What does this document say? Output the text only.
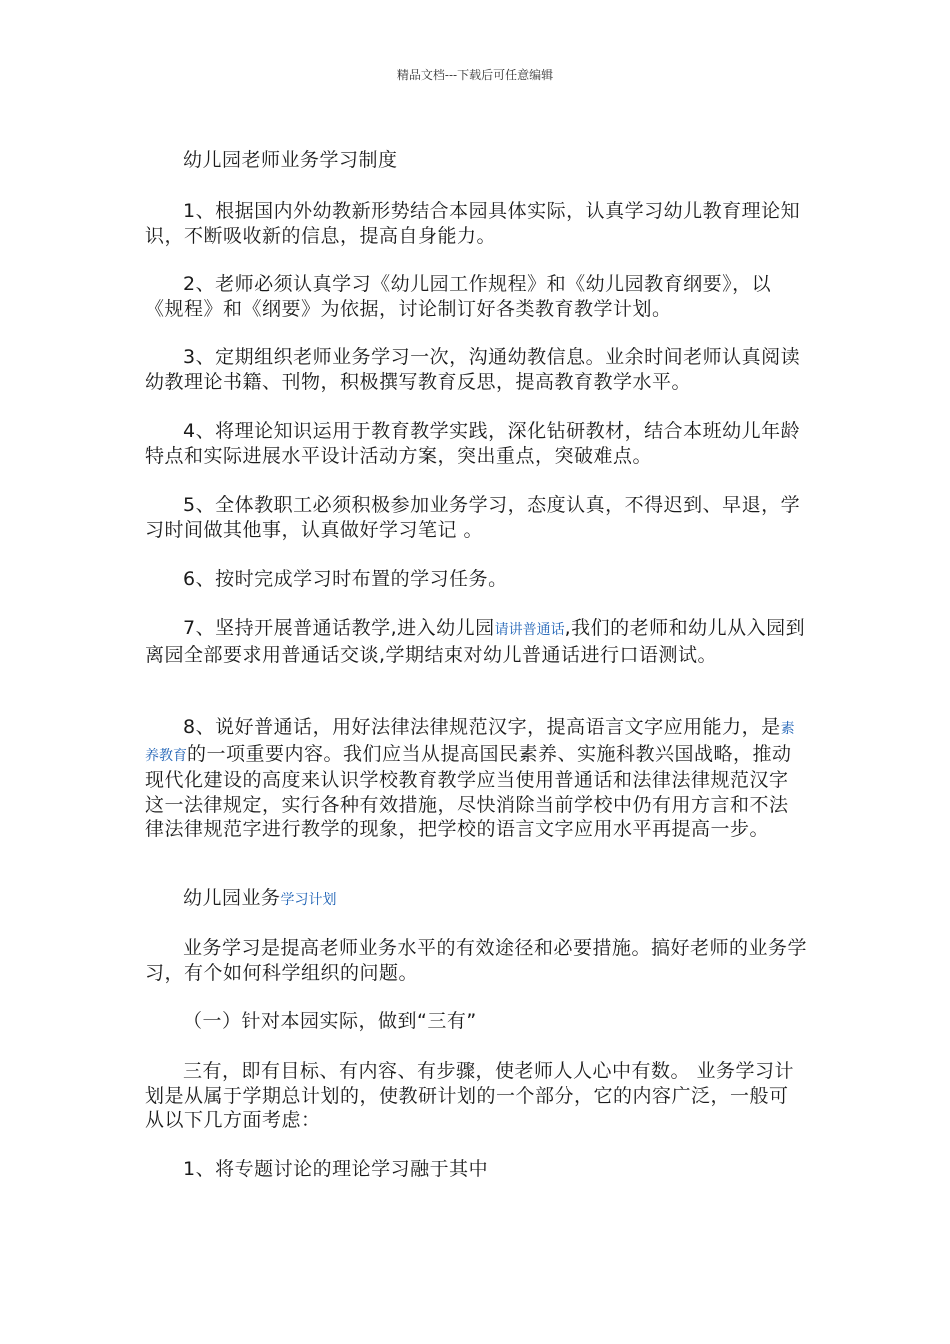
精品文档---下载后可任意编辑

幼儿园老师业务学习制度

1、根据国内外幼教新形势结合本园具体实际，认真学习幼儿教育理论知识，不断吸收新的信息，提高自身能力。

2、老师必须认真学习《幼儿园工作规程》和《幼儿园教育纲要》，以《规程》和《纲要》为依据，讨论制订好各类教育教学计划。

3、定期组织老师业务学习一次，沟通幼教信息。业余时间老师认真阅读幼教理论书籍、刊物，积极撰写教育反思，提高教育教学水平。

4、将理论知识运用于教育教学实践，深化钻研教材，结合本班幼儿年龄特点和实际进展水平设计活动方案，突出重点，突破难点。

5、全体教职工必须积极参加业务学习，态度认真，不得迟到、早退，学习时间做其他事，认真做好学习笔记 。

6、按时完成学习时布置的学习任务。

7、坚持开展普通话教学,进入幼儿园请讲普通话,我们的老师和幼儿从入园到离园全部要求用普通话交谈,学期结束对幼儿普通话进行口语测试。

8、说好普通话，用好法律法律规范汉字，提高语言文字应用能力，是素养教育的一项重要内容。我们应当从提高国民素养、实施科教兴国战略，推动现代化建设的高度来认识学校教育教学应当使用普通话和法律法律规范汉字这一法律规定，实行各种有效措施，尽快消除当前学校中仍有用方言和不法律法律规范字进行教学的现象，把学校的语言文字应用水平再提高一步。

幼儿园业务学习计划

业务学习是提高老师业务水平的有效途径和必要措施。搞好老师的业务学习，有个如何科学组织的问题。

（一）针对本园实际，做到“三有”

三有，即有目标、有内容、有步骤，使老师人人心中有数。 业务学习计划是从属于学期总计划的，使教研计划的一个部分，它的内容广泛，一般可从以下几方面考虑：

1、将专题讨论的理论学习融于其中
